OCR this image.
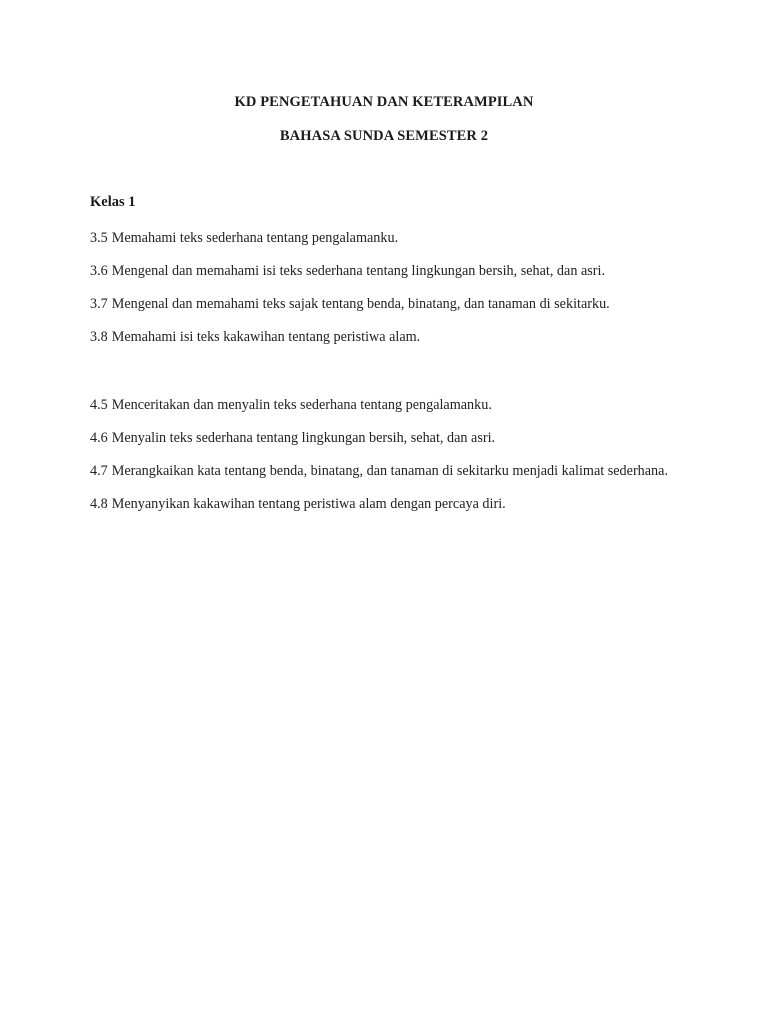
KD PENGETAHUAN DAN KETERAMPILAN
BAHASA SUNDA SEMESTER 2
Kelas 1
3.5 Memahami teks sederhana tentang pengalamanku.
3.6 Mengenal dan memahami isi teks sederhana tentang lingkungan bersih, sehat, dan asri.
3.7 Mengenal dan memahami teks sajak tentang benda, binatang, dan tanaman di sekitarku.
3.8 Memahami isi teks kakawihan tentang peristiwa alam.
4.5 Menceritakan dan menyalin teks sederhana tentang pengalamanku.
4.6 Menyalin teks sederhana tentang lingkungan bersih, sehat, dan asri.
4.7 Merangkaikan kata tentang benda, binatang, dan tanaman di sekitarku menjadi kalimat sederhana.
4.8 Menyanyikan kakawihan tentang peristiwa alam dengan percaya diri.
